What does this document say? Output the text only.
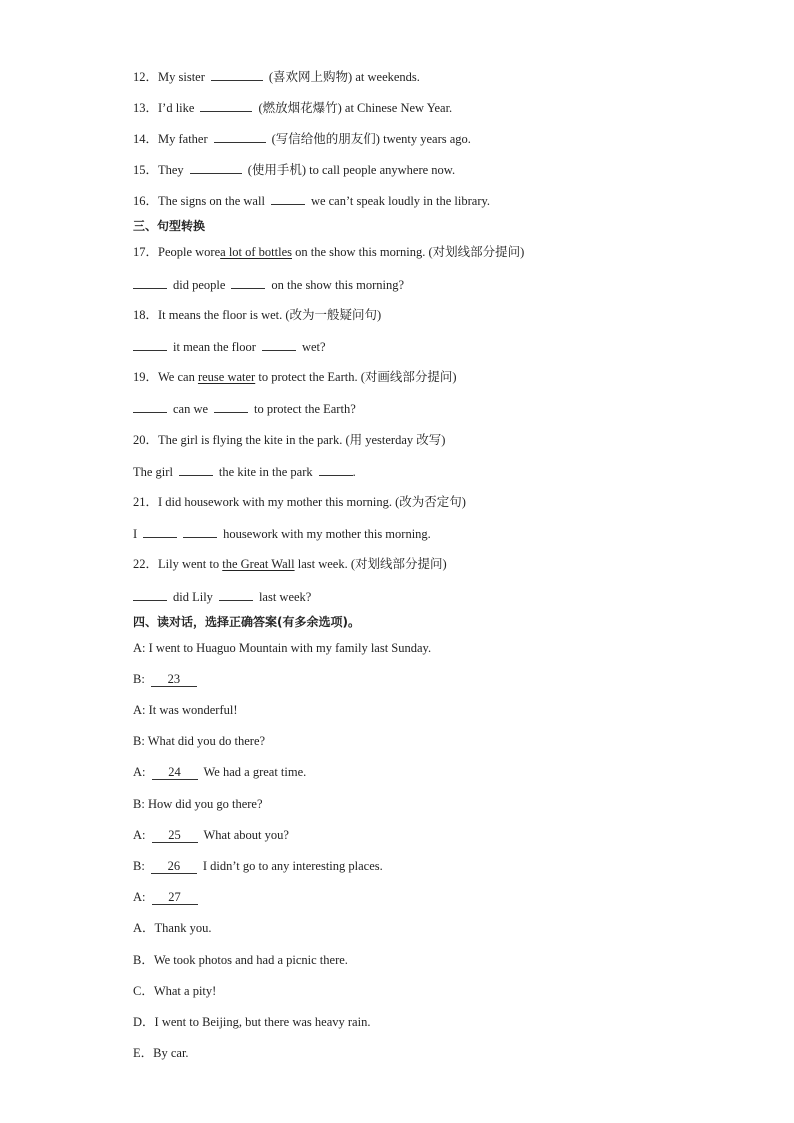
12．My sister	(喜欢网上购物) at weekends.
13．I’d like	(燃放烟花爆竹) at Chinese New Year.
14．My father	(写信给他的朋友们) twenty years ago.
15．They	(使用手机) to call people anywhere now.
16．The signs on the wall	we can’t speak loudly in the library.
三、句型转换
17．People worea lot of bottles on the show this morning. (对划线部分提问)
did people	on the show this morning?
18．It means the floor is wet. (改为一般疑问句)
it mean the floor	wet?
19．We can reuse water to protect the Earth. (对画线部分提问)
can we	to protect the Earth?
20．The girl is flying the kite in the park. (用 yesterday 改写)
The girl	the kite in the park	.
21．I did housework with my mother this morning. (改为否定句)
I	housework with my mother this morning.
22．Lily went to the Great Wall last week. (对划线部分提问)
did Lily	last week?
四、读对话，选择正确答案(有多余选项)。
A: I went to Huaguo Mountain with my family last Sunday.
B: 23
A: It was wonderful!
B: What did you do there?
A: 24 We had a great time.
B: How did you go there?
A: 25 What about you?
B: 26 I didn’t go to any interesting places.
A: 27
A．Thank you.
B．We took photos and had a picnic there.
C．What a pity!
D．I went to Beijing, but there was heavy rain.
E．By car.
